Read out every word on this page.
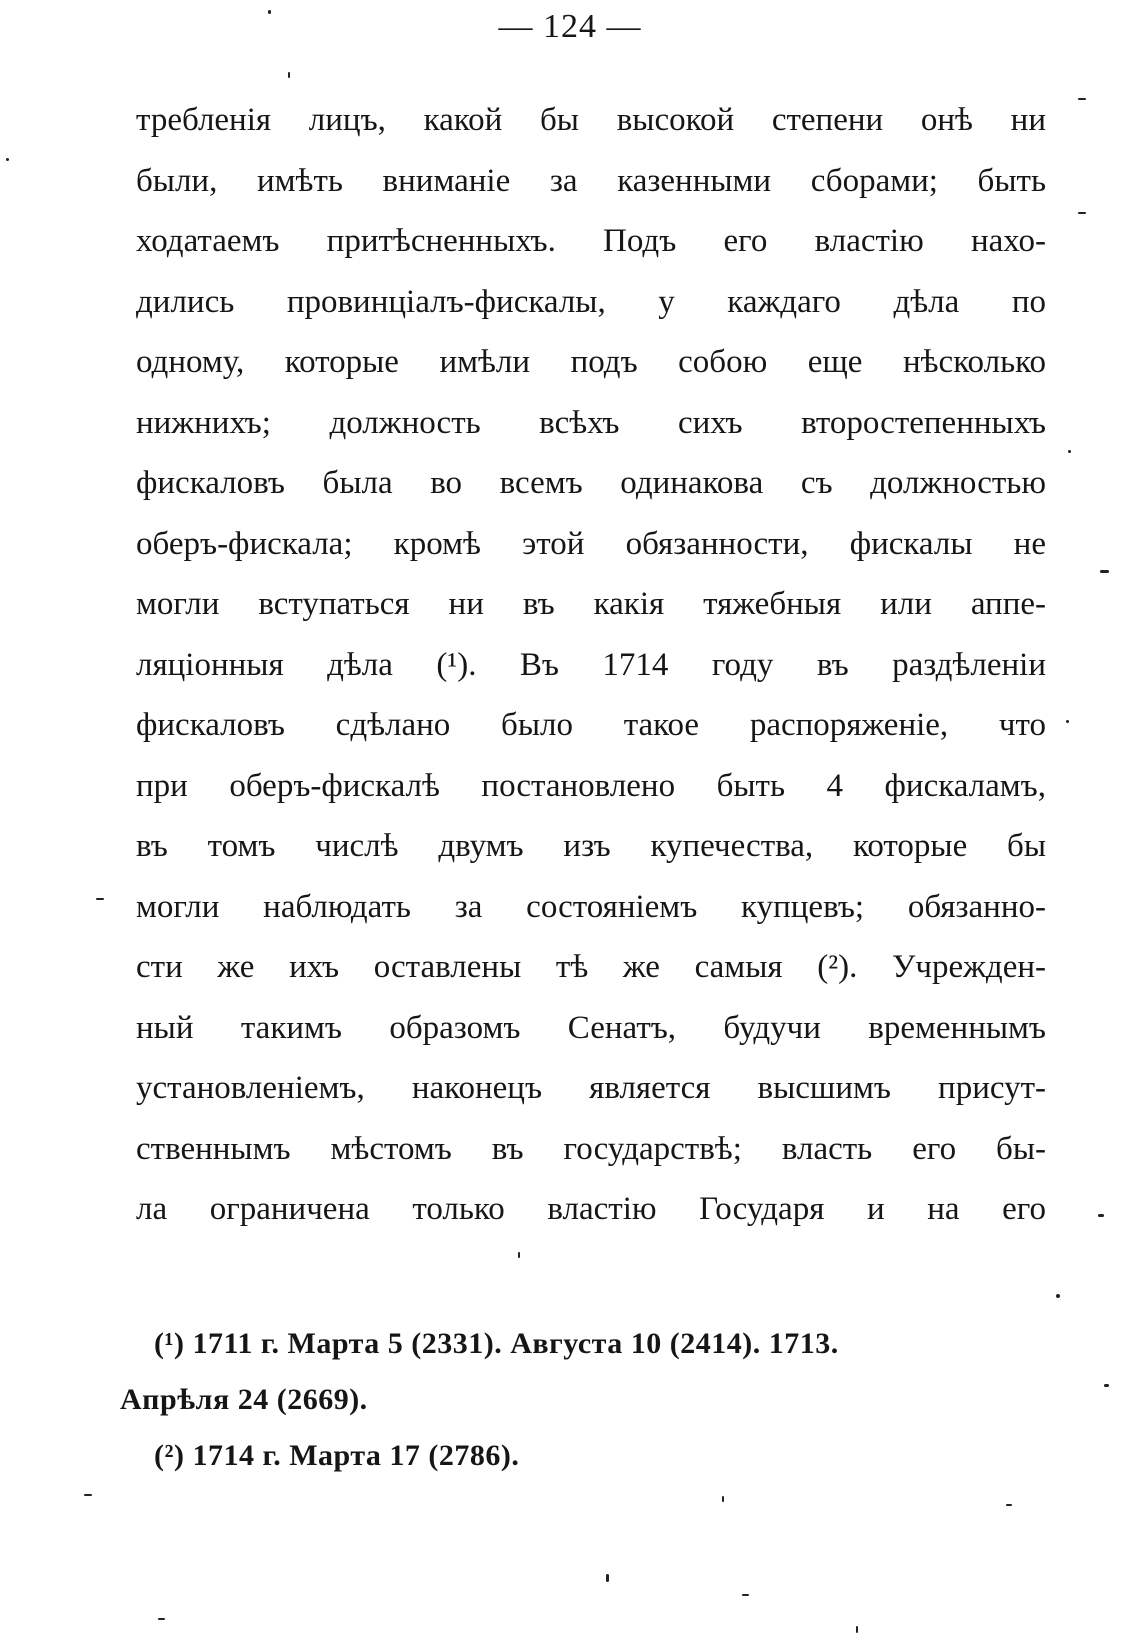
— 124 —
требленія лицъ, какой бы высокой степени онѣ ни
были, имѣть вниманіе за казенными сборами; быть
ходатаемъ притѣсненныхъ. Подъ его властію нахо-
дились провинціалъ-фискалы, у каждаго дѣла по
одному, которые имѣли подъ собою еще нѣсколько
нижнихъ; должность всѣхъ сихъ второстепенныхъ
фискаловъ была во всемъ одинакова съ должностью
оберъ-фискала; кромѣ этой обязанности, фискалы не
могли вступаться ни въ какія тяжебныя или аппе-
ляціонныя дѣла (¹). Въ 1714 году въ раздѣленіи
фискаловъ сдѣлано было такое распоряженіе, что
при оберъ-фискалѣ постановлено быть 4 фискаламъ,
въ томъ числѣ двумъ изъ купечества, которые бы
могли наблюдать за состояніемъ купцевъ; обязанно-
сти же ихъ оставлены тѣ же самыя (²). Учрежден-
ный такимъ образомъ Сенатъ, будучи временнымъ
установленіемъ, наконецъ является высшимъ присут-
ственнымъ мѣстомъ въ государствѣ; власть его бы-
ла ограничена только властію Государя и на его
(¹) 1711 г. Марта 5 (2331). Августа 10 (2414). 1713.
Апрѣля 24 (2669).
(²) 1714 г. Марта 17 (2786).
